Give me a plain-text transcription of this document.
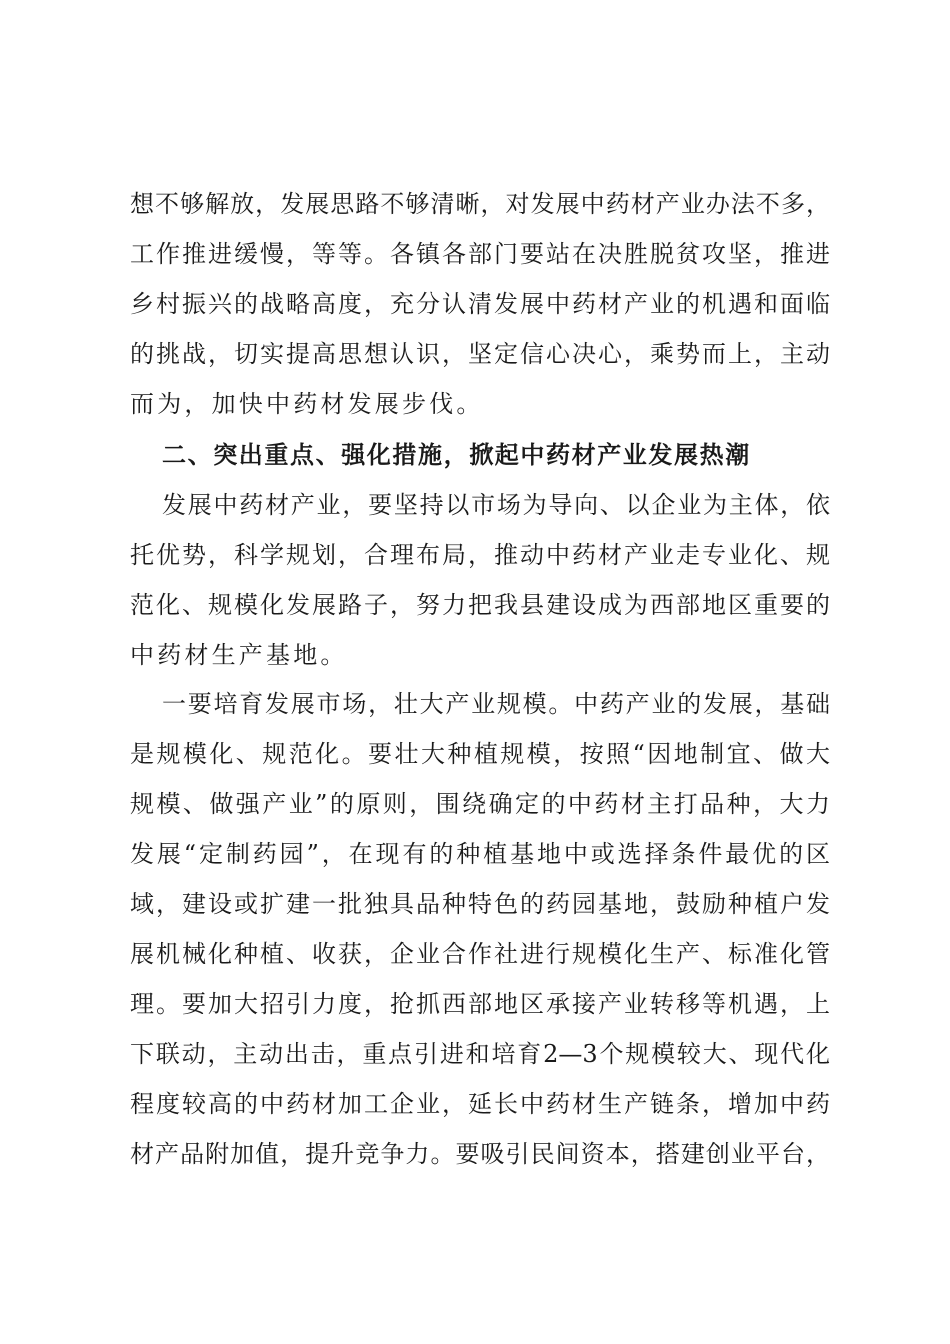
想不够解放，发展思路不够清晰，对发展中药材产业办法不多，
工作推进缓慢，等等。各镇各部门要站在决胜脱贫攻坚，推进
乡村振兴的战略高度，充分认清发展中药材产业的机遇和面临
的挑战，切实提高思想认识，坚定信心决心，乘势而上，主动
而为，加快中药材发展步伐。
二、突出重点、强化措施，掀起中药材产业发展热潮
发展中药材产业，要坚持以市场为导向、以企业为主体，依
托优势，科学规划，合理布局，推动中药材产业走专业化、规
范化、规模化发展路子，努力把我县建设成为西部地区重要的
中药材生产基地。
一要培育发展市场，壮大产业规模。中药产业的发展，基础
是规模化、规范化。要壮大种植规模，按照“因地制宜、做大
规模、做强产业”的原则，围绕确定的中药材主打品种，大力
发展“定制药园”，在现有的种植基地中或选择条件最优的区
域，建设或扩建一批独具品种特色的药园基地，鼓励种植户发
展机械化种植、收获，企业合作社进行规模化生产、标准化管
理。要加大招引力度，抢抓西部地区承接产业转移等机遇，上
下联动，主动出击，重点引进和培育2—3个规模较大、现代化
程度较高的中药材加工企业，延长中药材生产链条，增加中药
材产品附加值，提升竞争力。要吸引民间资本，搭建创业平台，
